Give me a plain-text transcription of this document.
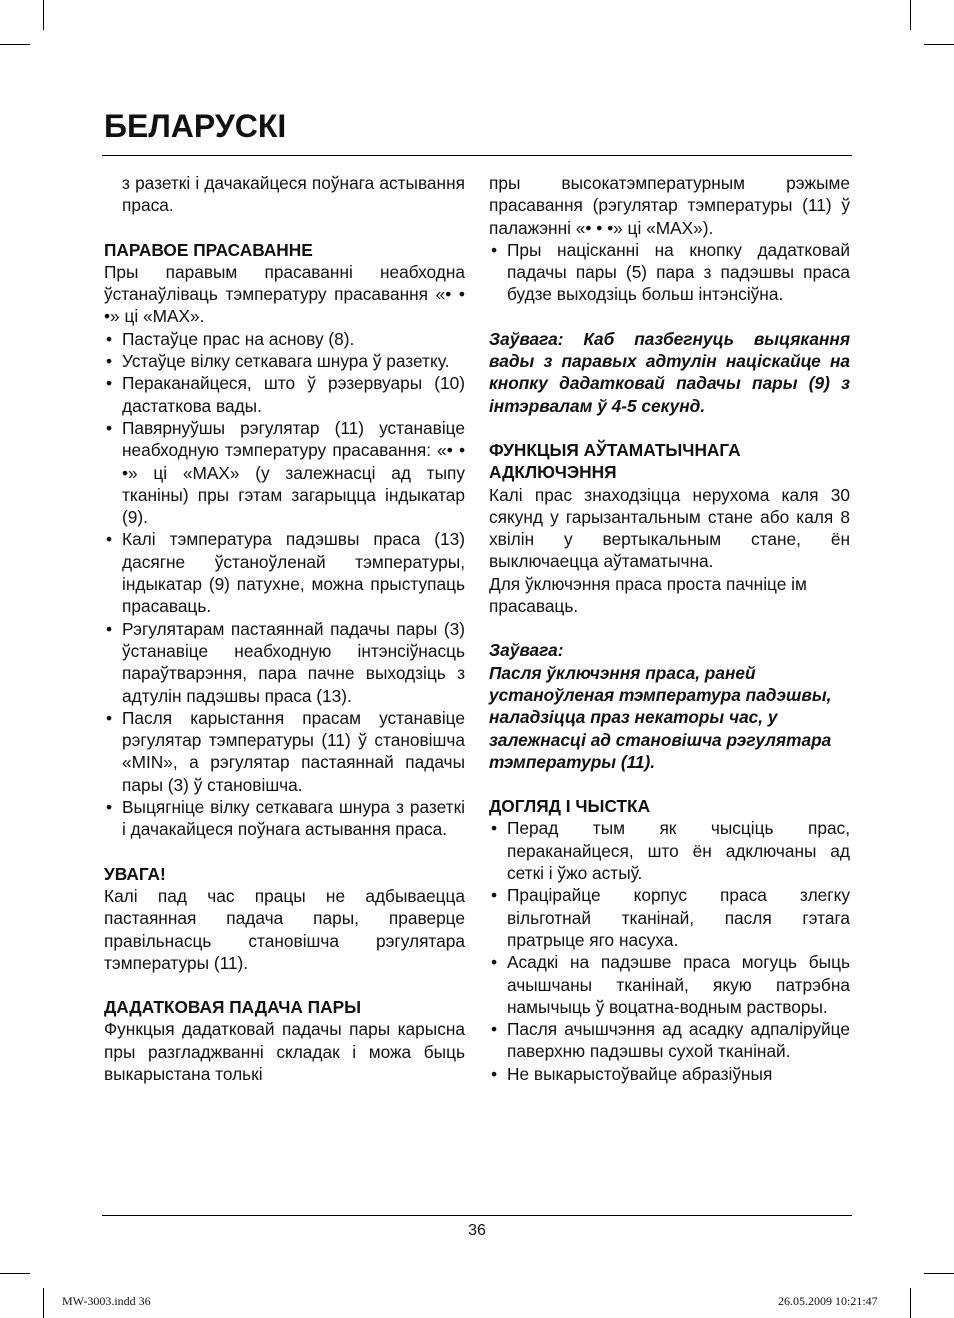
БЕЛАРУСКІ

з разеткі і дачакайцеся поўнага астывання праса.

ПАРАВОЕ ПРАСАВАННЕ

Пры паравым прасаванні неабходна ўстанаўліваць тэмпературу прасавання «• • •» ці «MAX».

• Пастаўце прас на аснову (8).
• Устаўце вілку сеткавага шнура ў разетку.
• Пераканайцеся, што ў рэзервуары (10) дастаткова вады.
• Павярнуўшы рэгулятар (11) устанавіце неабходную тэмпературу прасавання: «• • •» ці «MAX» (у залежнасці ад тыпу тканіны) пры гэтам загарыцца індыкатар (9).
• Калі тэмпература падэшвы праса (13) дасягне ўстаноўленай тэмпературы, індыкатар (9) патухне, можна прыступаць прасаваць.
• Рэгулятарам пастаяннай падачы пары (3) ўстанавіце неабходную інтэнсіўнасць параўтварэння, пара пачне выходзіць з адтулін падэшвы праса (13).
• Пасля карыстання прасам устанавіце рэгулятар тэмпературы (11) ў становішча «MIN», а рэгулятар пастаяннай падачы пары (3) ў становішча.
• Выцягніце вілку сеткавага шнура з разеткі і дачакайцеся поўнага астывання праса.
УВАГА!

Калі пад час працы не адбываецца пастаянная падача пары, праверце правільнасць становішча рэгулятара тэмпературы (11).

ДАДАТКОВАЯ ПАДАЧА ПАРЫ

Функцыя дадатковай падачы пары карысна пры разгладжванні складак і можа быць выкарыстана толькі

пры высокатэмпературным рэжыме прасавання (рэгулятар тэмпературы (11) ў палажэнні «• • •» ці «MAX»).

• Пры націсканні на кнопку дадатковай падачы пары (5) пара з падэшвы праса будзе выходзіць больш інтэнсіўна.

Заўвага: Каб пазбегнуць выцякання вады з паравых адтулін націскайце на кнопку дадатковай падачы пары (9) з інтэрвалам ў 4-5 секунд.

ФУНКЦЫЯ АЎТАМАТЫЧНАГА АДКЛЮЧЭННЯ

Калі прас знаходзіцца нерухома каля 30 сякунд у гарызантальным стане або каля 8 хвілін у вертыкальным стане, ён выключаецца аўтаматычна.

Для ўключэння праса проста пачніце ім прасаваць.

Заўвага:

Пасля ўключэння праса, раней устаноўленая тэмпература падэшвы, наладзіцца праз некаторы час, у залежнасці ад становішча рэгулятара тэмпературы (11).

ДОГЛЯД І ЧЫСТКА
• Перад тым як чысціць прас, пераканайцеся, што ён адключаны ад сеткі і ўжо астыў.
• Працірайце корпус праса злегку вільготнай тканінай, пасля гэтага пратрыце яго насуха.
• Асадкі на падэшве праса могуць быць ачышчаны тканінай, якую патрэбна намычыць ў воцатна-водным растворы.
• Пасля ачышчэння ад асадку адпаліруйце паверхню падэшвы сухой тканінай.
• Не выкарыстоўвайце абразіўныя
36
MW-3003.indd 36	26.05.2009 10:21:47
